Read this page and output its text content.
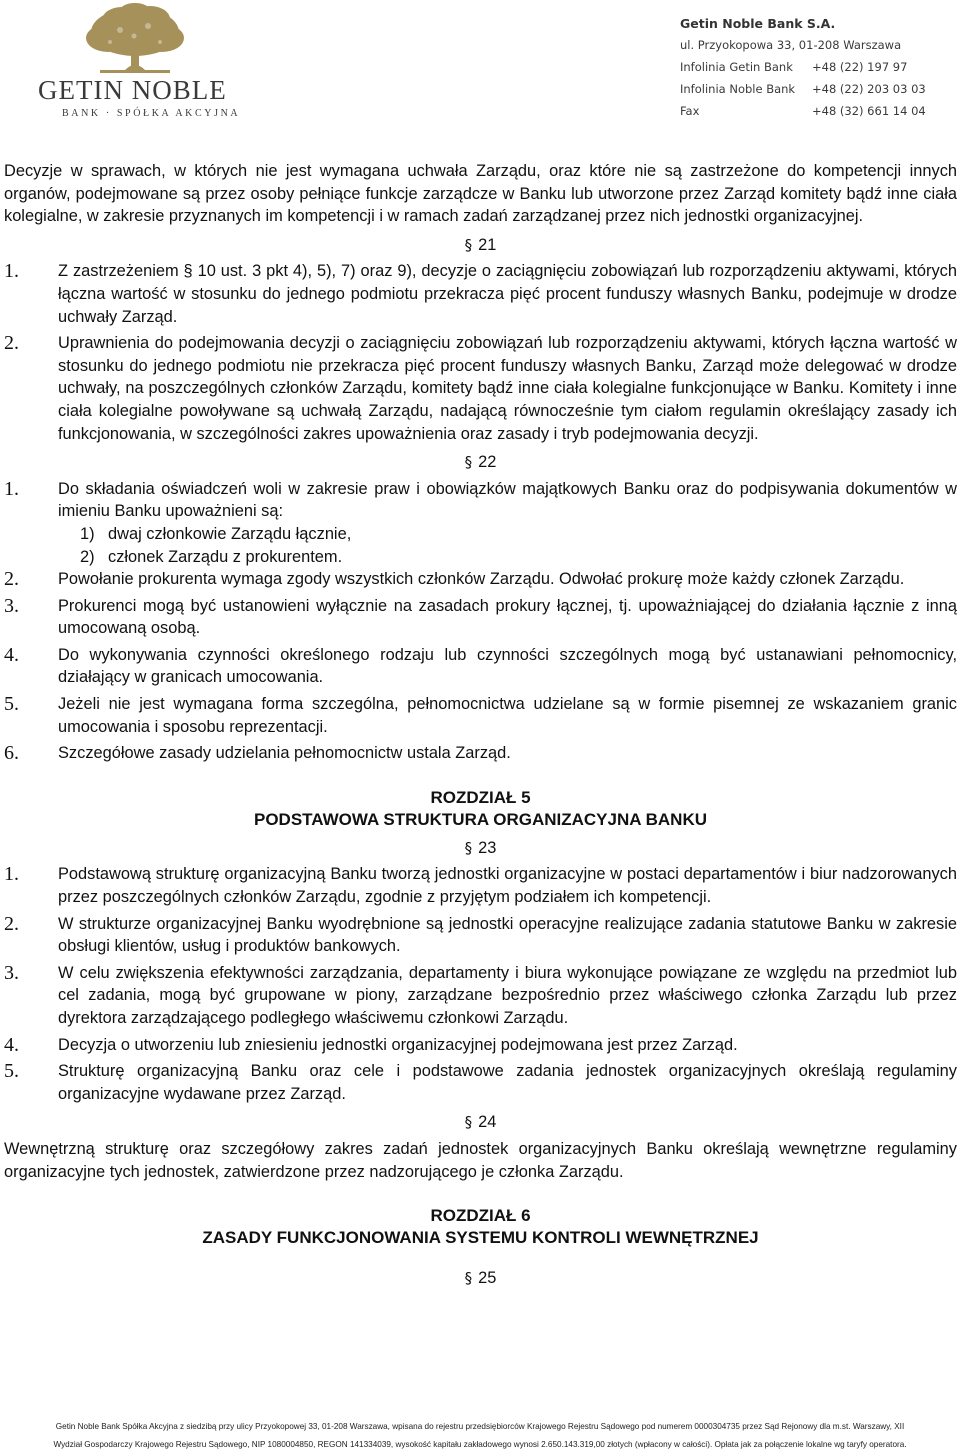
GETIN NOBLE
BANK · SPÓŁKA AKCYJNA
Getin Noble Bank S.A.
ul. Przyokopowa 33, 01-208 Warszawa
Infolinia Getin Bank	+48 (22) 197 97
Infolinia Noble Bank	+48 (22) 203 03 03
Fax	+48 (32) 661 14 04

Decyzje w sprawach, w których nie jest wymagana uchwała Zarządu, oraz które nie są zastrzeżone do kompetencji innych organów, podejmowane są przez osoby pełniące funkcje zarządcze w Banku lub utworzone przez Zarząd komitety bądź inne ciała kolegialne, w zakresie przyznanych im kompetencji i w ramach zadań zarządzanej przez nich jednostki organizacyjnej.

§ 21
1.	Z zastrzeżeniem § 10 ust. 3 pkt 4), 5), 7) oraz 9), decyzje o zaciągnięciu zobowiązań lub rozporządzeniu aktywami, których łączna wartość w stosunku do jednego podmiotu przekracza pięć procent funduszy własnych Banku, podejmuje w drodze uchwały Zarząd.
2.	Uprawnienia do podejmowania decyzji o zaciągnięciu zobowiązań lub rozporządzeniu aktywami, których łączna wartość w stosunku do jednego podmiotu nie przekracza pięć procent funduszy własnych Banku, Zarząd może delegować w drodze uchwały, na poszczególnych członków Zarządu, komitety bądź inne ciała kolegialne funkcjonujące w Banku. Komitety i inne ciała kolegialne powoływane są uchwałą Zarządu, nadającą równocześnie tym ciałom regulamin określający zasady ich funkcjonowania, w szczególności zakres upoważnienia oraz zasady i tryb podejmowania decyzji.
§ 22
1.	Do składania oświadczeń woli w zakresie praw i obowiązków majątkowych Banku oraz do podpisywania dokumentów w imieniu Banku upoważnieni są:
1) dwaj członkowie Zarządu łącznie,
2) członek Zarządu z prokurentem.
2.	Powołanie prokurenta wymaga zgody wszystkich członków Zarządu. Odwołać prokurę może każdy członek Zarządu.
3.	Prokurenci mogą być ustanowieni wyłącznie na zasadach prokury łącznej, tj. upoważniającej do działania łącznie z inną umocowaną osobą.
4.	Do wykonywania czynności określonego rodzaju lub czynności szczególnych mogą być ustanawiani pełnomocnicy, działający w granicach umocowania.
5.	Jeżeli nie jest wymagana forma szczególna, pełnomocnictwa udzielane są w formie pisemnej ze wskazaniem granic umocowania i sposobu reprezentacji.
6.	Szczegółowe zasady udzielania pełnomocnictw ustala Zarząd.
ROZDZIAŁ 5
PODSTAWOWA STRUKTURA ORGANIZACYJNA BANKU
§ 23
1.	Podstawową strukturę organizacyjną Banku tworzą jednostki organizacyjne w postaci departamentów i biur nadzorowanych przez poszczególnych członków Zarządu, zgodnie z przyjętym podziałem ich kompetencji.
2.	W strukturze organizacyjnej Banku wyodrębnione są jednostki operacyjne realizujące zadania statutowe Banku w zakresie obsługi klientów, usług i produktów bankowych.
3.	W celu zwiększenia efektywności zarządzania, departamenty i biura wykonujące powiązane ze względu na przedmiot lub cel zadania, mogą być grupowane w piony, zarządzane bezpośrednio przez właściwego członka Zarządu lub przez dyrektora zarządzającego podległego właściwemu członkowi Zarządu.
4.	Decyzja o utworzeniu lub zniesieniu jednostki organizacyjnej podejmowana jest przez Zarząd.
5.	Strukturę organizacyjną Banku oraz cele i podstawowe zadania jednostek organizacyjnych określają regulaminy organizacyjne wydawane przez Zarząd.
§ 24

Wewnętrzną strukturę oraz szczegółowy zakres zadań jednostek organizacyjnych Banku określają wewnętrzne regulaminy organizacyjne tych jednostek, zatwierdzone przez nadzorującego je członka Zarządu.

ROZDZIAŁ 6
ZASADY FUNKCJONOWANIA SYSTEMU KONTROLI WEWNĘTRZNEJ
§ 25
Getin Noble Bank Spółka Akcyjna z siedzibą przy ulicy Przyokopowej 33, 01-208 Warszawa, wpisana do rejestru przedsiębiorców Krajowego Rejestru Sądowego pod numerem 0000304735 przez Sąd Rejonowy dla m.st. Warszawy, XII
Wydział Gospodarczy Krajowego Rejestru Sądowego, NIP 1080004850, REGON 141334039, wysokość kapitału zakładowego wynosi 2.650.143.319,00 złotych (wpłacony w całości). Opłata jak za połączenie lokalne wg taryfy operatora.
